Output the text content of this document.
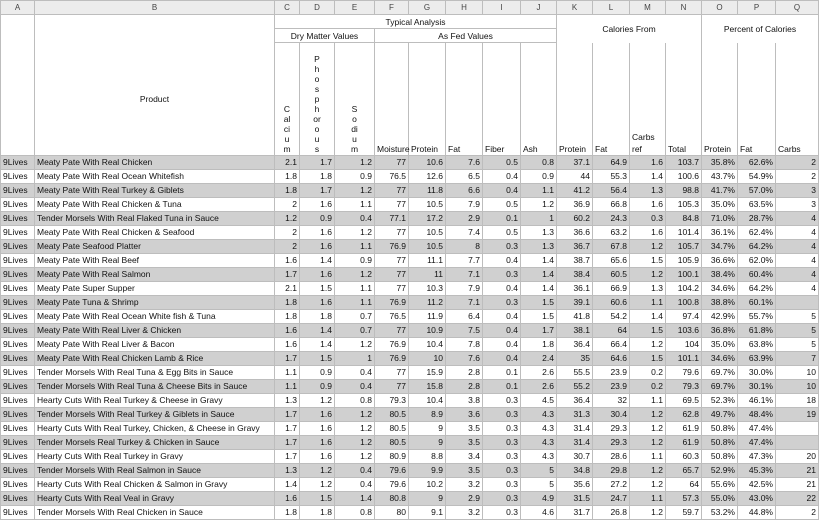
A	B	C	D	E	F	G	H	I	J	K	L	M	N	O	P	Q
		Typical Analysis								Calories From				Percent of Calories		
		Dry Matter Values			As Fed Values											
	Product	Calcium	Phosphorous	Sodium	Moisture	Protein	Fat	Fiber	Ash	Protein	Fat	Carbs ref	Total	Protein	Fat	Carbs
9Lives	Meaty Pate With Real Chicken	2.1	1.7	1.2	77	10.6	7.6	0.5	0.8	37.1	64.9	1.6	103.7	35.8%	62.6%	2
9Lives	Meaty Pate With Real Ocean Whitefish	1.8	1.8	0.9	76.5	12.6	6.5	0.4	0.9	44	55.3	1.4	100.6	43.7%	54.9%	2
9Lives	Meaty Pate With Real Turkey & Giblets	1.8	1.7	1.2	77	11.8	6.6	0.4	1.1	41.2	56.4	1.3	98.8	41.7%	57.0%	3
9Lives	Meaty Pate With Real Chicken & Tuna	2	1.6	1.1	77	10.5	7.9	0.5	1.2	36.9	66.8	1.6	105.3	35.0%	63.5%	3
9Lives	Tender Morsels With Real Flaked Tuna in Sauce	1.2	0.9	0.4	77.1	17.2	2.9	0.1	1	60.2	24.3	0.3	84.8	71.0%	28.7%	4
9Lives	Meaty Pate With Real Chicken & Seafood	2	1.6	1.2	77	10.5	7.4	0.5	1.3	36.6	63.2	1.6	101.4	36.1%	62.4%	4
9Lives	Meaty Pate Seafood Platter	2	1.6	1.1	76.9	10.5	8	0.3	1.3	36.7	67.8	1.2	105.7	34.7%	64.2%	4
9Lives	Meaty Pate With Real Beef	1.6	1.4	0.9	77	11.1	7.7	0.4	1.4	38.7	65.6	1.5	105.9	36.6%	62.0%	4
9Lives	Meaty Pate With Real Salmon	1.7	1.6	1.2	77	11	7.1	0.3	1.4	38.4	60.5	1.2	100.1	38.4%	60.4%	4
9Lives	Meaty Pate Super Supper	2.1	1.5	1.1	77	10.3	7.9	0.4	1.4	36.1	66.9	1.3	104.2	34.6%	64.2%	4
9Lives	Meaty Pate Tuna & Shrimp	1.8	1.6	1.1	76.9	11.2	7.1	0.3	1.5	39.1	60.6	1.1	100.8	38.8%	60.1%	
9Lives	Meaty Pate With Real Ocean White fish & Tuna	1.8	1.8	0.7	76.5	11.9	6.4	0.4	1.5	41.8	54.2	1.4	97.4	42.9%	55.7%	5
9Lives	Meaty Pate With Real Liver & Chicken	1.6	1.4	0.7	77	10.9	7.5	0.4	1.7	38.1	64	1.5	103.6	36.8%	61.8%	5
9Lives	Meaty Pate With Real Liver & Bacon	1.6	1.4	1.2	76.9	10.4	7.8	0.4	1.8	36.4	66.4	1.2	104	35.0%	63.8%	5
9Lives	Meaty Pate With Real Chicken Lamb & Rice	1.7	1.5	1	76.9	10	7.6	0.4	2.4	35	64.6	1.5	101.1	34.6%	63.9%	7
9Lives	Tender Morsels With Real Tuna & Egg Bits in Sauce	1.1	0.9	0.4	77	15.9	2.8	0.1	2.6	55.5	23.9	0.2	79.6	69.7%	30.0%	10
9Lives	Tender Morsels With Real Tuna & Cheese Bits in Sauce	1.1	0.9	0.4	77	15.8	2.8	0.1	2.6	55.2	23.9	0.2	79.3	69.7%	30.1%	10
9Lives	Hearty Cuts With Real Turkey & Cheese in Gravy	1.3	1.2	0.8	79.3	10.4	3.8	0.3	4.5	36.4	32	1.1	69.5	52.3%	46.1%	18
9Lives	Tender Morsels With Real Turkey & Giblets in Sauce	1.7	1.6	1.2	80.5	8.9	3.6	0.3	4.3	31.3	30.4	1.2	62.8	49.7%	48.4%	19
9Lives	Hearty Cuts With Real Turkey, Chicken, & Cheese in Gravy	1.7	1.6	1.2	80.5	9	3.5	0.3	4.3	31.4	29.3	1.2	61.9	50.8%	47.4%	
9Lives	Tender Morsels Real Turkey & Chicken in Sauce	1.7	1.6	1.2	80.5	9	3.5	0.3	4.3	31.4	29.3	1.2	61.9	50.8%	47.4%	
9Lives	Hearty Cuts With Real Turkey in Gravy	1.7	1.6	1.2	80.9	8.8	3.4	0.3	4.3	30.7	28.6	1.1	60.3	50.8%	47.3%	20
9Lives	Tender Morsels With Real Salmon in Sauce	1.3	1.2	0.4	79.6	9.9	3.5	0.3	5	34.8	29.8	1.2	65.7	52.9%	45.3%	21
9Lives	Hearty Cuts With Real Chicken & Salmon in Gravy	1.4	1.2	0.4	79.6	10.2	3.2	0.3	5	35.6	27.2	1.2	64	55.6%	42.5%	21
9Lives	Hearty Cuts With Real Veal in Gravy	1.6	1.5	1.4	80.8	9	2.9	0.3	4.9	31.5	24.7	1.1	57.3	55.0%	43.0%	22
9Lives	Tender Morsels With Real Chicken in Sauce	1.8	1.8	0.8	80	9.1	3.2	0.3	4.6	31.7	26.8	1.2	59.7	53.2%	44.8%	2
